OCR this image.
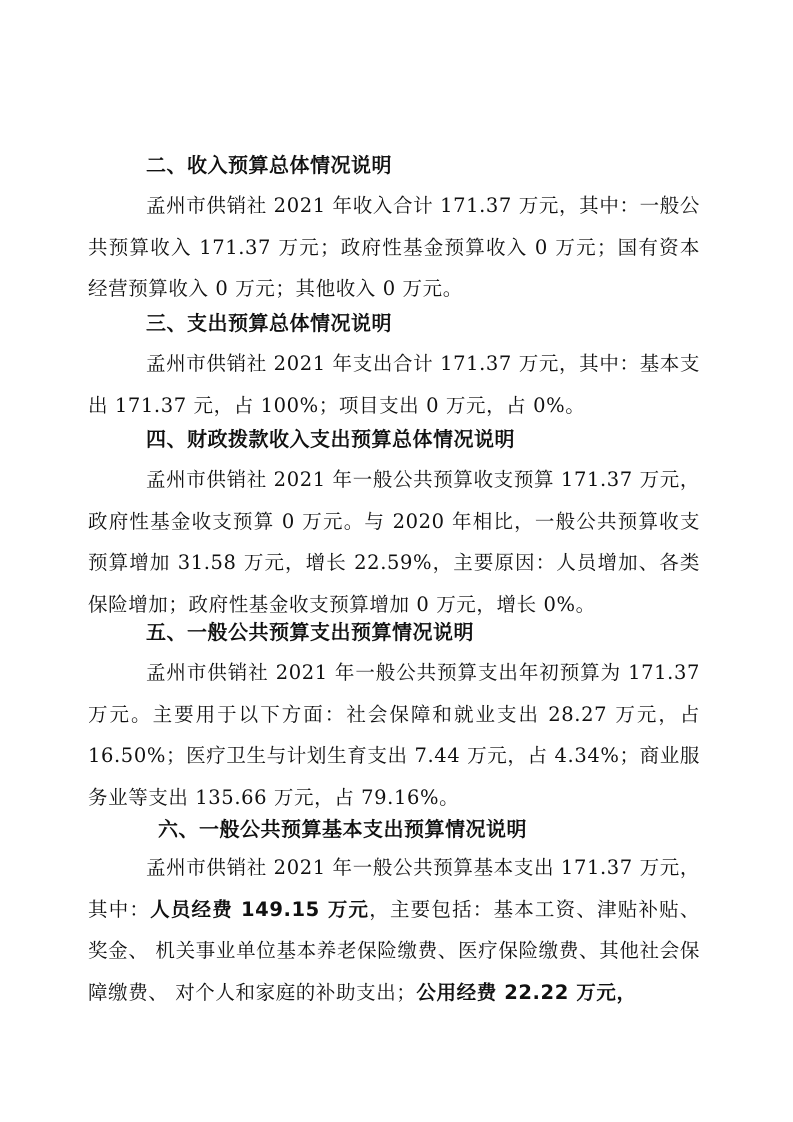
二、收入预算总体情况说明
孟州市供销社 2021 年收入合计 171.37 万元，其中：一般公共预算收入 171.37 万元；政府性基金预算收入 0 万元；国有资本经营预算收入 0 万元；其他收入 0 万元。
三、支出预算总体情况说明
孟州市供销社 2021 年支出合计 171.37 万元，其中：基本支出 171.37 元，占 100%；项目支出 0 万元，占 0%。
四、财政拨款收入支出预算总体情况说明
孟州市供销社 2021 年一般公共预算收支预算 171.37 万元，政府性基金收支预算 0 万元。与 2020 年相比，一般公共预算收支预算增加 31.58 万元，增长 22.59%，主要原因：人员增加、各类保险增加；政府性基金收支预算增加 0 万元，增长 0%。
五、一般公共预算支出预算情况说明
孟州市供销社 2021 年一般公共预算支出年初预算为 171.37 万元。主要用于以下方面：社会保障和就业支出 28.27 万元，占 16.50%；医疗卫生与计划生育支出 7.44 万元，占 4.34%；商业服务业等支出 135.66 万元，占 79.16%。
六、一般公共预算基本支出预算情况说明
孟州市供销社 2021 年一般公共预算基本支出 171.37 万元，其中：人员经费 149.15 万元，主要包括：基本工资、津贴补贴、奖金、 机关事业单位基本养老保险缴费、医疗保险缴费、其他社会保障缴费、 对个人和家庭的补助支出；公用经费 22.22 万元，
